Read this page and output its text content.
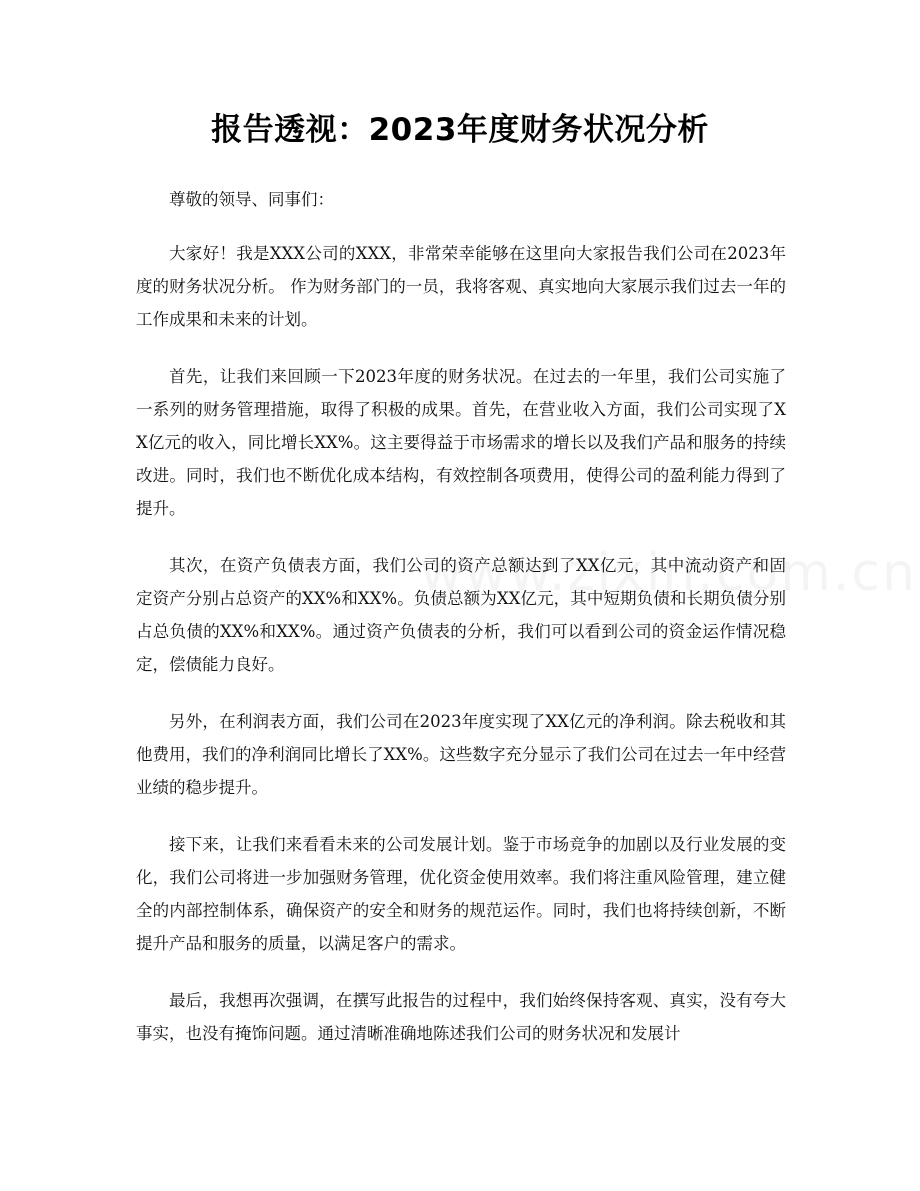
报告透视：2023年度财务状况分析

尊敬的领导、同事们：

大家好！我是XXX公司的XXX，非常荣幸能够在这里向大家报告我们公司在2023年度的财务状况分析。 作为财务部门的一员，我将客观、真实地向大家展示我们过去一年的工作成果和未来的计划。

首先，让我们来回顾一下2023年度的财务状况。在过去的一年里，我们公司实施了一系列的财务管理措施，取得了积极的成果。首先，在营业收入方面，我们公司实现了XX亿元的收入，同比增长XX%。这主要得益于市场需求的增长以及我们产品和服务的持续改进。同时，我们也不断优化成本结构，有效控制各项费用，使得公司的盈利能力得到了提升。

其次，在资产负债表方面，我们公司的资产总额达到了XX亿元，其中流动资产和固定资产分别占总资产的XX%和XX%。负债总额为XX亿元，其中短期负债和长期负债分别占总负债的XX%和XX%。通过资产负债表的分析，我们可以看到公司的资金运作情况稳定，偿债能力良好。

另外，在利润表方面，我们公司在2023年度实现了XX亿元的净利润。除去税收和其他费用，我们的净利润同比增长了XX%。这些数字充分显示了我们公司在过去一年中经营业绩的稳步提升。

接下来，让我们来看看未来的公司发展计划。鉴于市场竞争的加剧以及行业发展的变化，我们公司将进一步加强财务管理，优化资金使用效率。我们将注重风险管理，建立健全的内部控制体系，确保资产的安全和财务的规范运作。同时，我们也将持续创新，不断提升产品和服务的质量，以满足客户的需求。

最后，我想再次强调，在撰写此报告的过程中，我们始终保持客观、真实，没有夸大事实，也没有掩饰问题。通过清晰准确地陈述我们公司的财务状况和发展计
